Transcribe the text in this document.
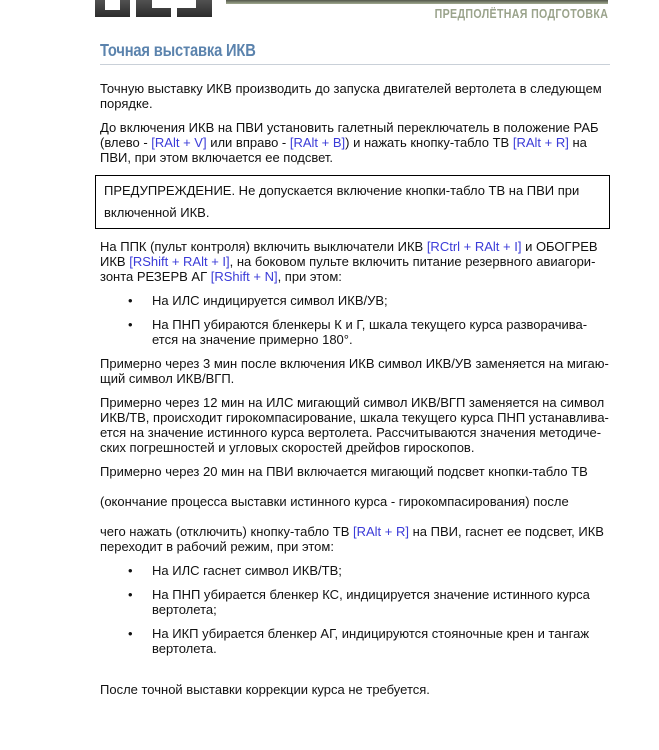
ПРЕДПОЛЁТНАЯ ПОДГОТОВКА
Точная выставка ИКВ
Точную выставку ИКВ производить до запуска двигателей вертолета в следующем
порядке.
До включения ИКВ на ПВИ установить галетный переключатель в положение РАБ
(влево - [RAlt + V] или вправо - [RAlt + B]) и нажать кнопку-табло ТВ [RAlt + R] на
ПВИ, при этом включается ее подсвет.
ПРЕДУПРЕЖДЕНИЕ. Не допускается включение кнопки-табло ТВ на ПВИ при
включенной ИКВ.
На ППК (пульт контроля) включить выключатели ИКВ [RCtrl + RAlt + I] и ОБОГРЕВ
ИКВ [RShift + RAlt + I], на боковом пульте включить питание резервного авиагори-
зонта РЕЗЕРВ АГ [RShift + N], при этом:
•	На ИЛС индицируется символ ИКВ/УВ;
•	На ПНП убираются бленкеры К и Г, шкала текущего курса разворачива-
ется на значение примерно 180°.
Примерно через 3 мин после включения ИКВ символ ИКВ/УВ заменяется на мигаю-
щий символ ИКВ/ВГП.
Примерно через 12 мин на ИЛС мигающий символ ИКВ/ВГП заменяется на символ
ИКВ/ТВ, происходит гирокомпасирование, шкала текущего курса ПНП устанавлива-
ется на значение истинного курса вертолета. Рассчитываются значения методиче-
ских погрешностей и угловых скоростей дрейфов гироскопов.
Примерно через 20 мин на ПВИ включается мигающий подсвет кнопки-табло ТВ
(окончание процесса выставки истинного курса - гирокомпасирования) после
чего нажать (отключить) кнопку-табло ТВ [RAlt + R] на ПВИ, гаснет ее подсвет, ИКВ
переходит в рабочий режим, при этом:
•	На ИЛС гаснет символ ИКВ/ТВ;
•	На ПНП убирается бленкер КС, индицируется значение истинного курса
вертолета;
•	На ИКП убирается бленкер АГ, индицируются стояночные крен и тангаж
вертолета.
После точной выставки коррекции курса не требуется.
